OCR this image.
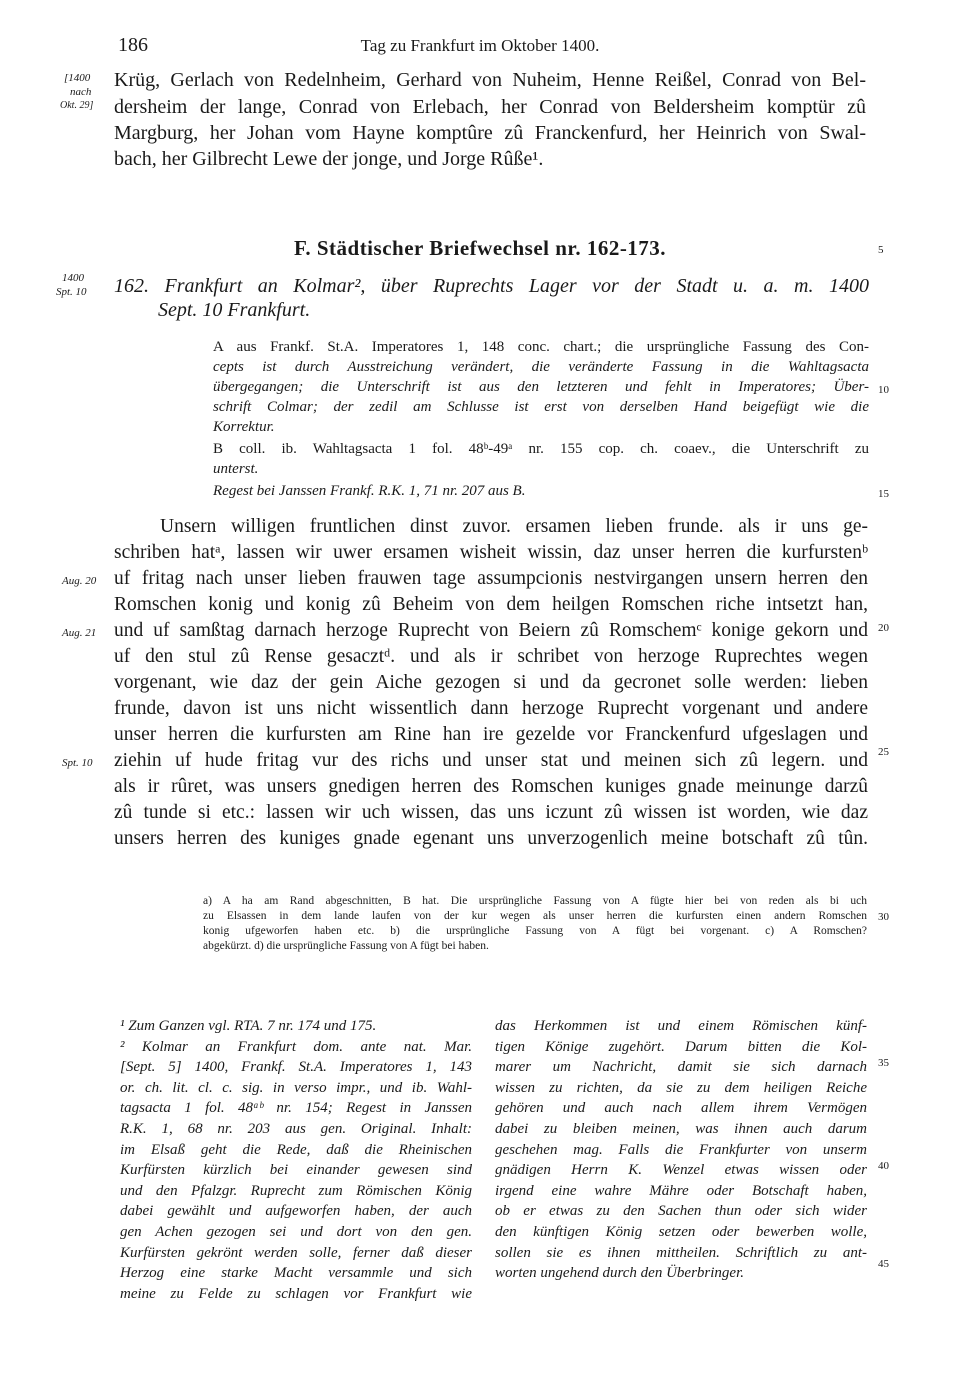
186	Tag zu Frankfurt im Oktober 1400.
[1400
nach
Okt. 29]
Krüg, Gerlach von Redelnheim, Gerhard von Nuheim, Henne Reißel, Conrad von Bel-
dersheim der lange, Conrad von Erlebach, her Conrad von Beldersheim komptür zû
Margburg, her Johan vom Hayne komptûre zû Franckenfurd, her Heinrich von Swal-
bach, her Gilbrecht Lewe der jonge, und Jorge Rûße¹.
F. Städtischer Briefwechsel nr. 162-173.
1400
Spt. 10 162. Frankfurt an Kolmar², über Ruprechts Lager vor der Stadt u. a. m. 1400
Sept. 10 Frankfurt.
A aus Frankf. St.A. Imperatores 1, 148 conc. chart.; die ursprüngliche Fassung des Con-
cepts ist durch Ausstreichung verändert, die veränderte Fassung in die Wahltagsacta
übergegangen; die Unterschrift ist aus den letzteren und fehlt in Imperatores; Über-
schrift Colmar; der zedil am Schlusse ist erst von derselben Hand beigefügt wie die
Korrektur.
B coll. ib. Wahltagsacta 1 fol. 48ᵇ-49ᵃ nr. 155 cop. ch. coaev., die Unterschrift zu
unterst.
Regest bei Janssen Frankf. R.K. 1, 71 nr. 207 aus B.
Unsern willigen fruntlichen dinst zuvor. ersamen lieben frunde. als ir uns ge-
schriben hatᵃ, lassen wir uwer ersamen wisheit wissin, daz unser herren die kurfurstenᵇ
uf fritag nach unser lieben frauwen tage assumpcionis nestvirgangen unsern herren den
Romschen konig und konig zû Beheim von dem heilgen Romschen riche intsetzt han,
und uf samßtag darnach herzoge Ruprecht von Beiern zû Romschemᶜ konige gekorn und
uf den stul zû Rense gesacztᵈ. und als ir schribet von herzoge Ruprechtes wegen
vorgenant, wie daz der gein Aiche gezogen si und da gecronet solle werden: lieben
frunde, davon ist uns nicht wissentlich dann herzoge Ruprecht vorgenant und andere
unser herren die kurfursten am Rine han ire gezelde vor Franckenfurd ufgeslagen und
ziehin uf hude fritag vur des richs und unser stat und meinen sich zû legern. und
als ir rûret, was unsers gnedigen herren des Romschen kuniges gnade meinunge darzû
zû tunde si etc.: lassen wir uch wissen, das uns iczunt zû wissen ist worden, wie daz
unsers herren des kuniges gnade egenant uns unverzogenlich meine botschaft zû tûn.
Aug. 20
Aug. 21
Spt. 10
a) A ha am Rand abgeschnitten, B hat. Die ursprüngliche Fassung von A fügte hier bei von reden als bi uch
zu Elsassen in dem lande laufen von der kur wegen als unser herren die kurfursten einen andern Romschen
konig ufgeworfen haben etc. b) die ursprüngliche Fassung von A fügt bei vorgenant. c) A Romschen?
abgekürzt. d) die ursprüngliche Fassung von A fügt bei haben.
¹ Zum Ganzen vgl. RTA. 7 nr. 174 und 175.
² Kolmar an Frankfurt dom. ante nat. Mar.
[Sept. 5] 1400, Frankf. St.A. Imperatores 1, 143
or. ch. lit. cl. c. sig. in verso impr., und ib. Wahl-
tagsacta 1 fol. 48ᵃᵇ nr. 154; Regest in Janssen
R.K. 1, 68 nr. 203 aus gen. Original. Inhalt:
im Elsaß geht die Rede, daß die Rheinischen
Kurfürsten kürzlich bei einander gewesen sind
und den Pfalzgr. Ruprecht zum Römischen König
dabei gewählt und aufgeworfen haben, der auch
gen Achen gezogen sei und dort von den gen.
Kurfürsten gekrönt werden solle, ferner daß dieser
Herzog eine starke Macht versammle und sich
meine zu Felde zu schlagen vor Frankfurt wie
das Herkommen ist und einem Römischen künf-
tigen Könige zugehört. Darum bitten die Kol-
marer um Nachricht, damit sie sich darnach
wissen zu richten, da sie zu dem heiligen Reiche
gehören und auch nach allem ihrem Vermögen
dabei zu bleiben meinen, was ihnen auch darum
geschehen mag. Falls die Frankfurter von unserm
gnädigen Herrn K. Wenzel etwas wissen oder
irgend eine wahre Mähre oder Botschaft haben,
ob er etwas zu den Sachen thun oder sich wider
den künftigen König setzen oder bewerben wolle,
sollen sie es ihnen mittheilen. Schriftlich zu ant-
worten ungehend durch den Überbringer.
5
10
15
20
25
30
35
40
45
